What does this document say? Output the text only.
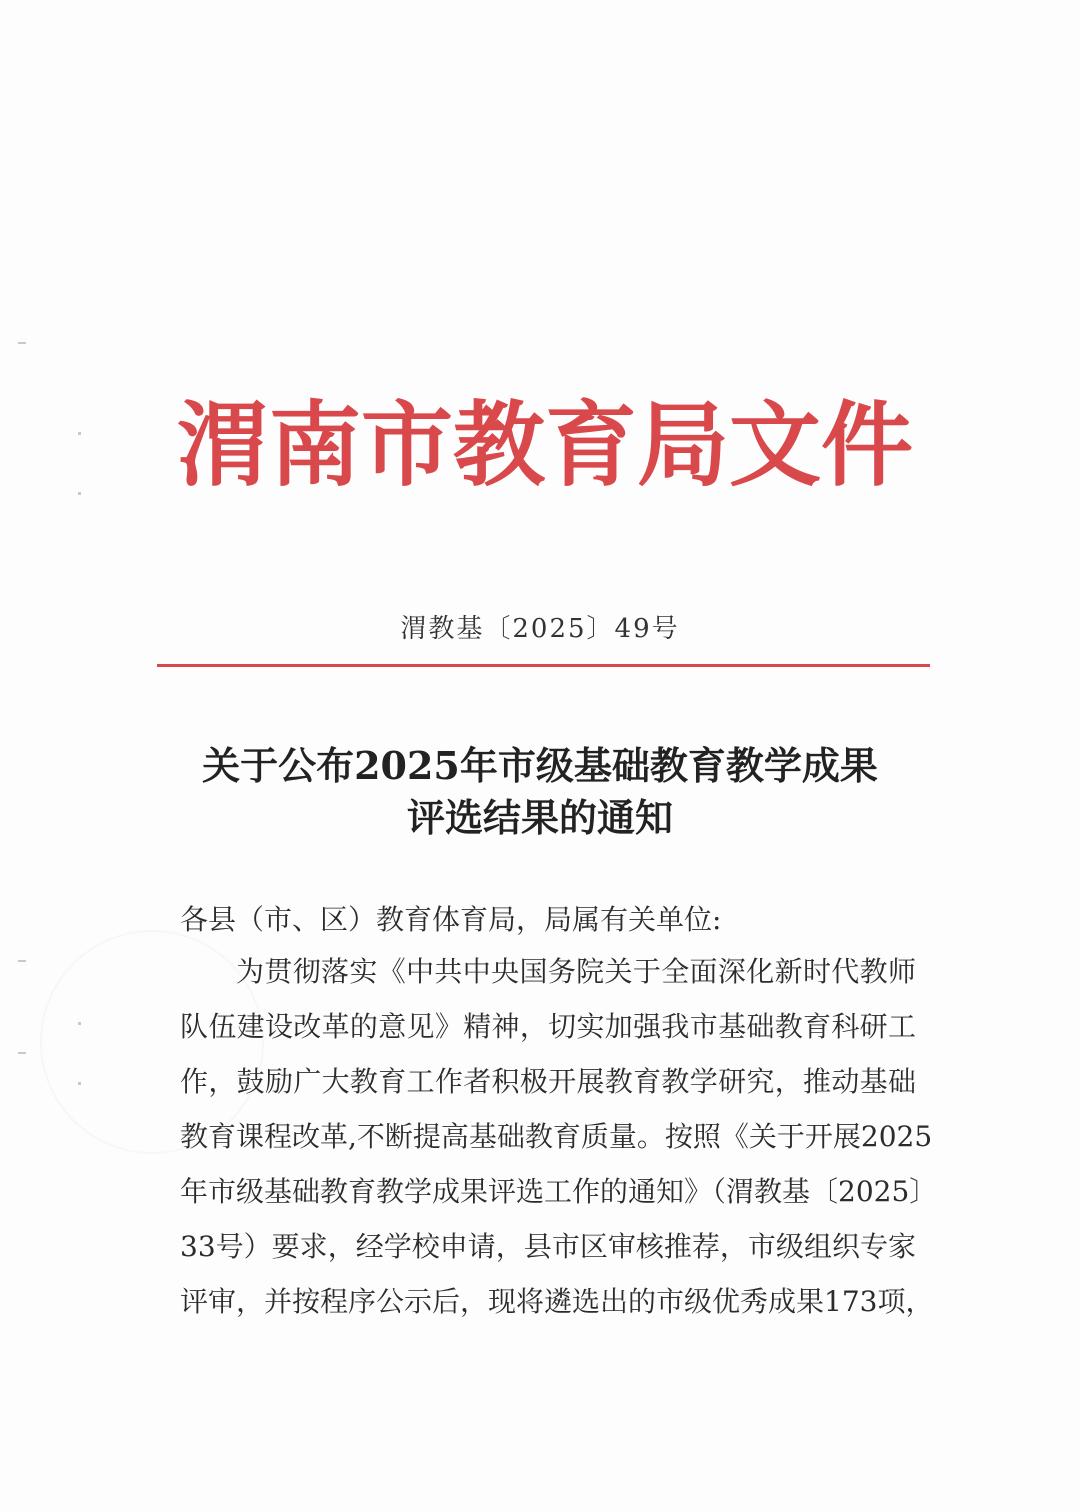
渭南市教育局文件
渭教基〔2025〕49号
关于公布2025年市级基础教育教学成果
评选结果的通知
各县（市、区）教育体育局，局属有关单位:
为贯彻落实《中共中央国务院关于全面深化新时代教师
队伍建设改革的意见》精神，切实加强我市基础教育科研工
作，鼓励广大教育工作者积极开展教育教学研究，推动基础
教育课程改革,不断提高基础教育质量。按照《关于开展2025
年市级基础教育教学成果评选工作的通知》（渭教基〔2025〕
33号）要求，经学校申请，县市区审核推荐，市级组织专家
评审，并按程序公示后，现将遴选出的市级优秀成果173项，
